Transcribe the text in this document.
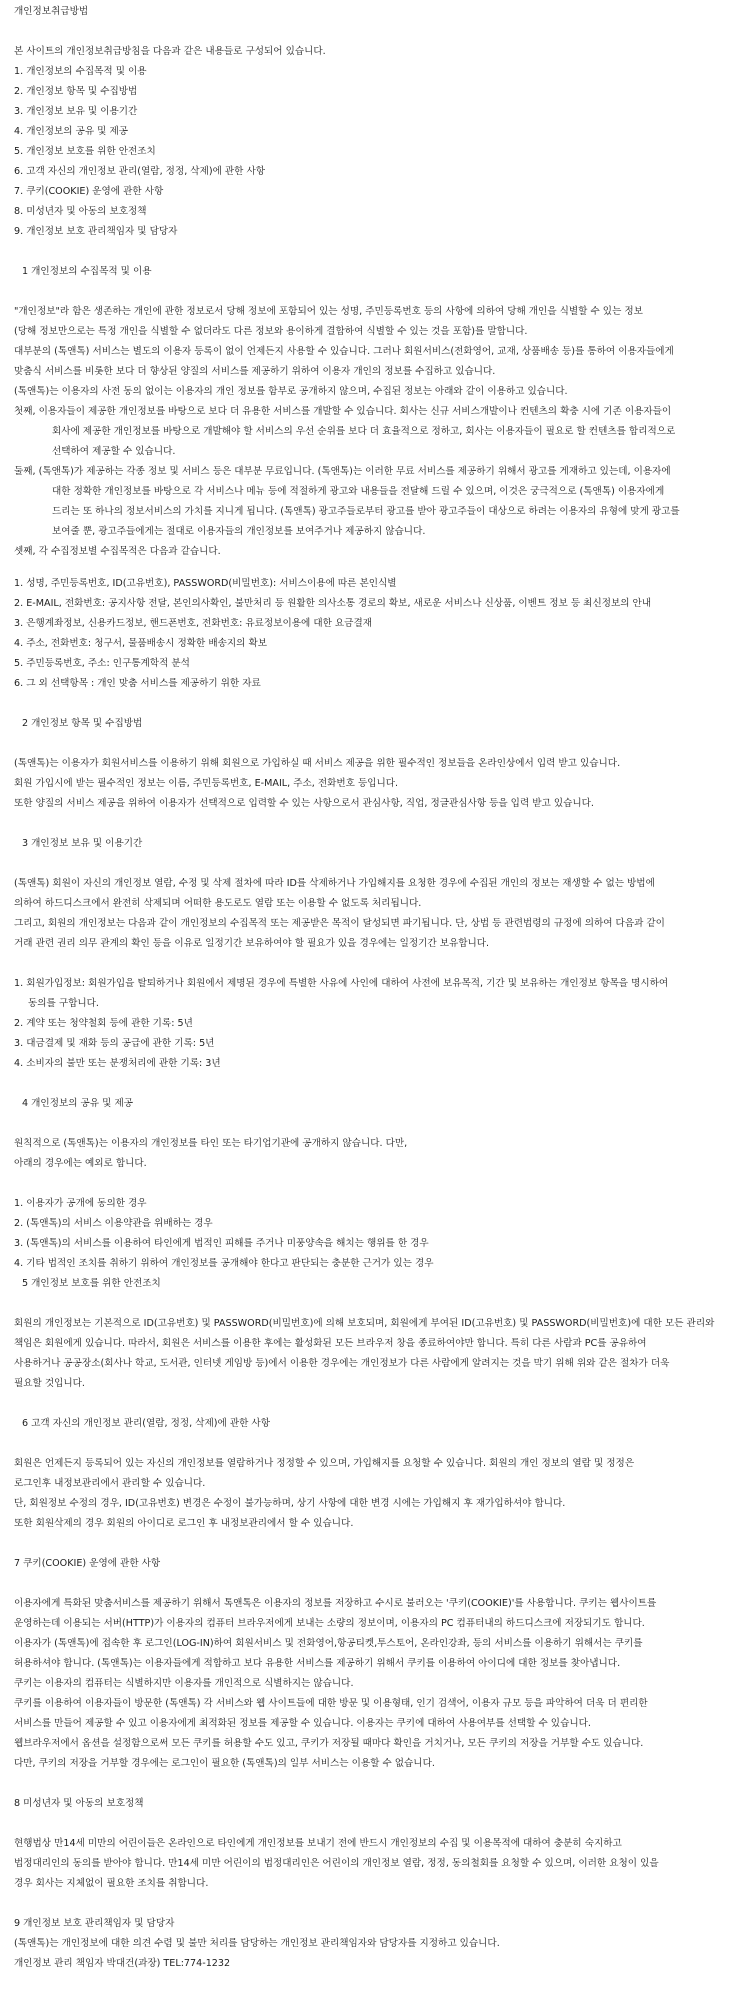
개인정보취급방법
본 사이트의 개인정보취급방침을 다음과 같은 내용들로 구성되어 있습니다.
1. 개인정보의 수집목적 및 이용
2. 개인정보 항목 및 수집방법
3. 개인정보 보유 및 이용기간
4. 개인정보의 공유 및 제공
5. 개인정보 보호를 위한 안전조치
6. 고객 자신의 개인정보 관리(열람, 정정, 삭제)에 관한 사항
7. 쿠키(COOKIE) 운영에 관한 사항
8. 미성년자 및 아동의 보호정책
9. 개인정보 보호 관리책임자 및 담당자
1 개인정보의 수집목적 및 이용
"개인정보"라 함은 생존하는 개인에 관한 정보로서 당해 정보에 포함되어 있는 성명, 주민등록번호 등의 사항에 의하여 당해 개인을 식별할 수 있는 정보
(당해 정보만으로는 특정 개인을 식별할 수 없더라도 다른 정보와 용이하게 결합하여 식별할 수 있는 것을 포함)를 말합니다.
대부분의 (톡앤톡) 서비스는 별도의 이용자 등록이 없이 언제든지 사용할 수 있습니다. 그러나 회원서비스(전화영어, 교재, 상품배송 등)를 통하여 이용자들에게
맞춤식 서비스를 비롯한 보다 더 향상된 양질의 서비스를 제공하기 위하여 이용자 개인의 정보를 수집하고 있습니다.
(톡앤톡)는 이용자의 사전 동의 없이는 이용자의 개인 정보를 함부로 공개하지 않으며, 수집된 정보는 아래와 같이 이용하고 있습니다.
첫째, 이용자들이 제공한 개인정보를 바탕으로 보다 더 유용한 서비스를 개발할 수 있습니다. 회사는 신규 서비스개발이나 컨텐츠의 확충 시에 기존 이용자들이
회사에 제공한 개인정보를 바탕으로 개발해야 할 서비스의 우선 순위를 보다 더 효율적으로 정하고, 회사는 이용자들이 필요로 할 컨텐츠를 합리적으로
선택하여 제공할 수 있습니다.
둘째, (톡앤톡)가 제공하는 각종 정보 및 서비스 등은 대부분 무료입니다. (톡앤톡)는 이러한 무료 서비스를 제공하기 위해서 광고를 게재하고 있는데, 이용자에
대한 정확한 개인정보를 바탕으로 각 서비스나 메뉴 등에 적절하게 광고와 내용들을 전달해 드릴 수 있으며, 이것은 궁극적으로 (톡앤톡) 이용자에게
드리는 또 하나의 정보서비스의 가치를 지니게 됩니다. (톡앤톡) 광고주들로부터 광고를 받아 광고주들이 대상으로 하려는 이용자의 유형에 맞게 광고를
보여줄 뿐, 광고주들에게는 절대로 이용자들의 개인정보를 보여주거나 제공하지 않습니다.
셋째, 각 수집정보별 수집목적은 다음과 같습니다.
1. 성명, 주민등록번호, ID(고유번호), PASSWORD(비밀번호): 서비스이용에 따른 본인식별
2. E-MAIL, 전화번호: 공지사항 전달, 본인의사확인, 불만처리 등 원활한 의사소통 경로의 확보, 새로운 서비스나 신상품, 이벤트 정보 등 최신정보의 안내
3. 은행계좌정보, 신용카드정보, 핸드폰번호, 전화번호: 유료정보이용에 대한 요금결재
4. 주소, 전화번호: 청구서, 물품배송시 정확한 배송지의 확보
5. 주민등록번호, 주소: 인구통계학적 분석
6. 그 외 선택항목 : 개인 맞춤 서비스를 제공하기 위한 자료
2 개인정보 항목 및 수집방법
(톡앤톡)는 이용자가 회원서비스를 이용하기 위해 회원으로 가입하실 때 서비스 제공을 위한 필수적인 정보들을 온라인상에서 입력 받고 있습니다.
회원 가입시에 받는 필수적인 정보는 이름, 주민등록번호, E-MAIL, 주소, 전화번호 등입니다.
또한 양질의 서비스 제공을 위하여 이용자가 선택적으로 입력할 수 있는 사항으로서 관심사항, 직업, 정글관심사항 등을 입력 받고 있습니다.
3 개인정보 보유 및 이용기간
(톡앤톡) 회원이 자신의 개인정보 열람, 수정 및 삭제 절차에 따라 ID를 삭제하거나 가입해지를 요청한 경우에 수집된 개인의 정보는 재생할 수 없는 방법에
의하여 하드디스크에서 완전히 삭제되며 어떠한 용도로도 열람 또는 이용할 수 없도록 처리됩니다.
그리고, 회원의 개인정보는 다음과 같이 개인정보의 수집목적 또는 제공받은 목적이 달성되면 파기됩니다. 단, 상법 등 관련법령의 규정에 의하여 다음과 같이
거래 관련 권리 의무 관계의 확인 등을 이유로 일정기간 보유하여야 할 필요가 있을 경우에는 일정기간 보유합니다.
1. 회원가입정보: 회원가입을 탈퇴하거나 회원에서 제명된 경우에 특별한 사유에 사인에 대하여 사전에 보유목적, 기간 및 보유하는 개인정보 항목을 명시하여
동의를 구합니다.
2. 계약 또는 청약철회 등에 관한 기록: 5년
3. 대금결제 및 재화 등의 공급에 관한 기록: 5년
4. 소비자의 불만 또는 분쟁처리에 관한 기록: 3년
4 개인정보의 공유 및 제공
원칙적으로 (톡앤톡)는 이용자의 개인정보를 타인 또는 타기업기관에 공개하지 않습니다. 다만,
아래의 경우에는 예외로 합니다.
1. 이용자가 공개에 동의한 경우
2. (톡앤톡)의 서비스 이용약관을 위배하는 경우
3. (톡앤톡)의 서비스를 이용하여 타인에게 법적인 피해를 주거나 미풍양속을 해치는 행위를 한 경우
4. 기타 법적인 조치를 취하기 위하여 개인정보를 공개해야 한다고 판단되는 충분한 근거가 있는 경우
5 개인정보 보호를 위한 안전조치
회원의 개인정보는 기본적으로 ID(고유번호) 및 PASSWORD(비밀번호)에 의해 보호되며, 회원에게 부여된 ID(고유번호) 및 PASSWORD(비밀번호)에 대한 모든 관리와
책임은 회원에게 있습니다. 따라서, 회원은 서비스를 이용한 후에는 활성화된 모든 브라우저 창을 종료하여야만 합니다. 특히 다른 사람과 PC를 공유하여
사용하거나 공공장소(회사나 학교, 도서관, 인터넷 게임방 등)에서 이용한 경우에는 개인정보가 다른 사람에게 알려지는 것을 막기 위해 위와 같은 절차가 더욱
필요할 것입니다.
6 고객 자신의 개인정보 관리(열람, 정정, 삭제)에 관한 사항
회원은 언제든지 등록되어 있는 자신의 개인정보를 열람하거나 정정할 수 있으며, 가입해지를 요청할 수 있습니다. 회원의 개인 정보의 열람 및 정정은
로그인후 내정보관리에서 관리할 수 있습니다.
단, 회원정보 수정의 경우, ID(고유번호) 변경은 수정이 불가능하며, 상기 사항에 대한 변경 시에는 가입해지 후 재가입하셔야 합니다.
또한 회원삭제의 경우 회원의 아이디로 로그인 후 내정보관리에서 할 수 있습니다.
7 쿠키(COOKIE) 운영에 관한 사항
이용자에게 특화된 맞춤서비스를 제공하기 위해서 톡앤톡은 이용자의 정보를 저장하고 수시로 불러오는 '쿠키(COOKIE)'를 사용합니다. 쿠키는 웹사이트를
운영하는데 이용되는 서버(HTTP)가 이용자의 컴퓨터 브라우저에게 보내는 소량의 정보이며, 이용자의 PC 컴퓨터내의 하드디스크에 저장되기도 합니다.
이용자가 (톡앤톡)에 접속한 후 로그인(LOG-IN)하여 회원서비스 및 전화영어,항공티켓,투스토어, 온라인강좌, 등의 서비스를 이용하기 위해서는 쿠키를
허용하셔야 합니다. (톡앤톡)는 이용자들에게 적합하고 보다 유용한 서비스를 제공하기 위해서 쿠키를 이용하여 아이디에 대한 정보를 찾아냅니다.
쿠키는 이용자의 컴퓨터는 식별하지만 이용자를 개인적으로 식별하지는 않습니다.
쿠키를 이용하여 이용자들이 방문한 (톡앤톡) 각 서비스와 웹 사이트들에 대한 방문 및 이용형태, 인기 검색어, 이용자 규모 등을 파악하여 더욱 더 편리한
서비스를 만들어 제공할 수 있고 이용자에게 최적화된 정보를 제공할 수 있습니다. 이용자는 쿠키에 대하여 사용여부를 선택할 수 있습니다.
웹브라우저에서 옵션을 설정함으로써 모든 쿠키를 허용할 수도 있고, 쿠키가 저장될 때마다 확인을 거치거나, 모든 쿠키의 저장을 거부할 수도 있습니다.
다만, 쿠키의 저장을 거부할 경우에는 로그인이 필요한 (톡앤톡)의 일부 서비스는 이용할 수 없습니다.
8 미성년자 및 아동의 보호정책
현행법상 만14세 미만의 어린이들은 온라인으로 타인에게 개인정보를 보내기 전에 반드시 개인정보의 수집 및 이용목적에 대하여 충분히 숙지하고
법정대리인의 동의를 받아야 합니다. 만14세 미만 어린이의 법정대리인은 어린이의 개인정보 열람, 정정, 동의철회를 요청할 수 있으며, 이러한 요청이 있을
경우 회사는 지체없이 필요한 조치를 취합니다.
9 개인정보 보호 관리책임자 및 담당자
(톡앤톡)는 개인정보에 대한 의견 수렴 및 불만 처리를 담당하는 개인정보 관리책임자와 담당자를 지정하고 있습니다.
개인정보 관리 책임자 박대건(과장) TEL:774-1232
